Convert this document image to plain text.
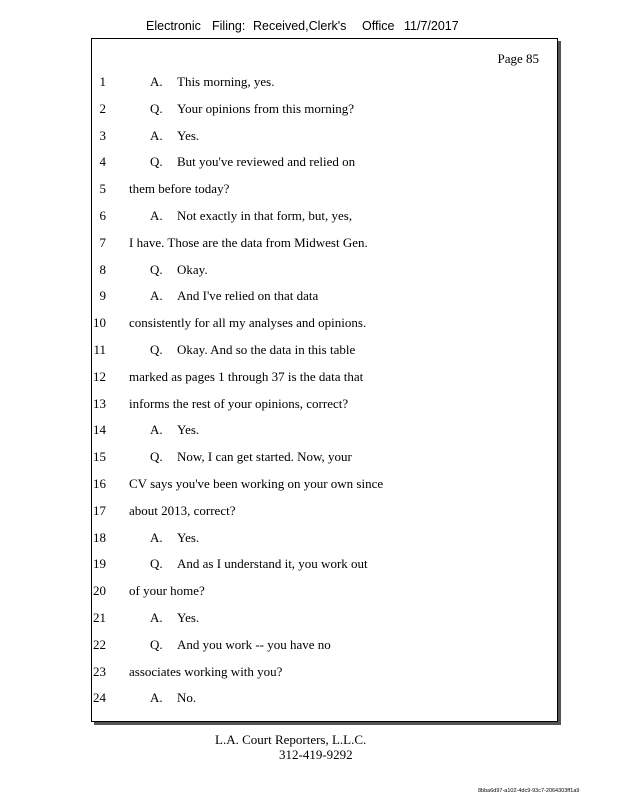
Electronic Filing: Received,Clerk's Office 11/7/2017
Page 85
1	A. This morning, yes.
2	Q. Your opinions from this morning?
3	A. Yes.
4	Q. But you've reviewed and relied on
5 them before today?
6	A. Not exactly in that form, but, yes,
7 I have. Those are the data from Midwest Gen.
8	Q. Okay.
9	A. And I've relied on that data
10 consistently for all my analyses and opinions.
11	Q. Okay. And so the data in this table
12 marked as pages 1 through 37 is the data that
13 informs the rest of your opinions, correct?
14	A. Yes.
15	Q. Now, I can get started. Now, your
16 CV says you've been working on your own since
17 about 2013, correct?
18	A. Yes.
19	Q. And as I understand it, you work out
20 of your home?
21	A. Yes.
22	Q. And you work -- you have no
23 associates working with you?
24	A. No.
L.A. Court Reporters, L.L.C.
312-419-9292
8bba6d97-a102-4dc9-93c7-2064303ff1a9
